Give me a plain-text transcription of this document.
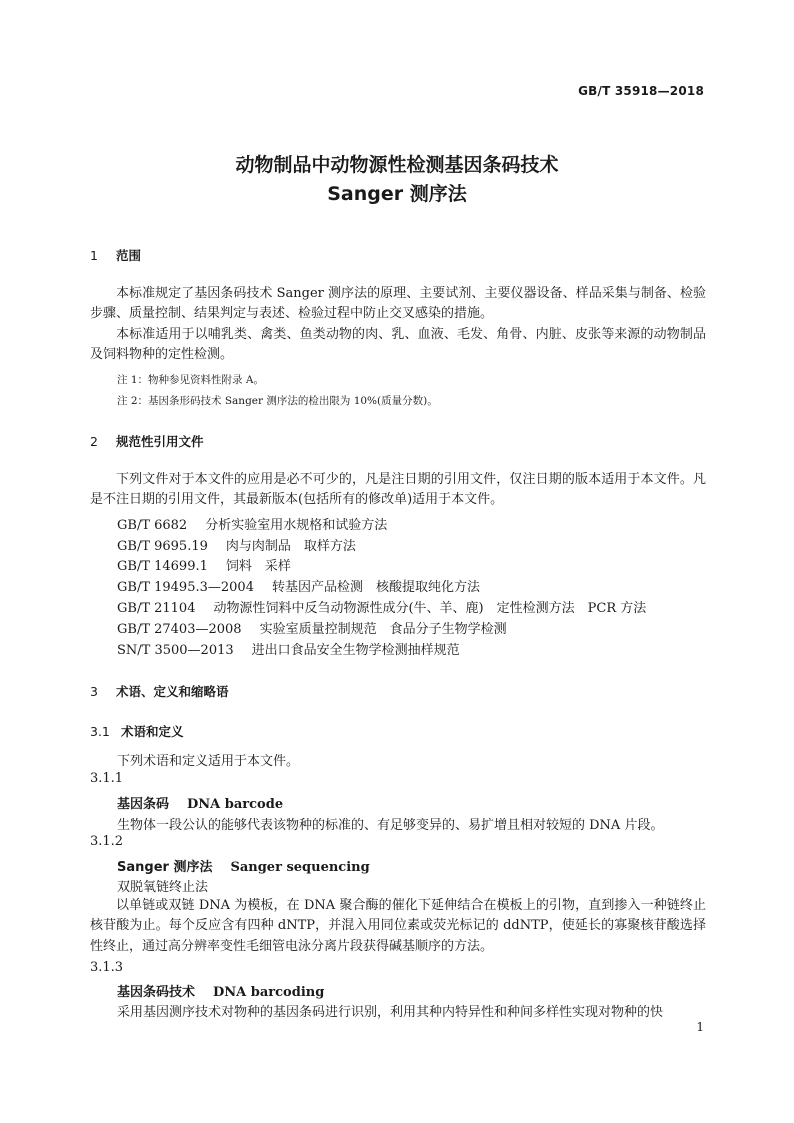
GB/T 35918—2018
动物制品中动物源性检测基因条码技术
Sanger 测序法
1 范围

本标准规定了基因条码技术 Sanger 测序法的原理、主要试剂、主要仪器设备、样品采集与制备、检验步骤、质量控制、结果判定与表述、检验过程中防止交叉感染的措施。

本标准适用于以哺乳类、禽类、鱼类动物的肉、乳、血液、毛发、角骨、内脏、皮张等来源的动物制品及饲料物种的定性检测。

注 1：物种参见资料性附录 A。
注 2：基因条形码技术 Sanger 测序法的检出限为 10%(质量分数)。
2 规范性引用文件

下列文件对于本文件的应用是必不可少的，凡是注日期的引用文件，仅注日期的版本适用于本文件。凡是不注日期的引用文件，其最新版本(包括所有的修改单)适用于本文件。

GB/T 6682 分析实验室用水规格和试验方法
GB/T 9695.19 肉与肉制品　取样方法
GB/T 14699.1 饲料　采样
GB/T 19495.3—2004 转基因产品检测　核酸提取纯化方法
GB/T 21104 动物源性饲料中反刍动物源性成分(牛、羊、鹿)　定性检测方法　PCR 方法
GB/T 27403—2008 实验室质量控制规范　食品分子生物学检测
SN/T 3500—2013 进出口食品安全生物学检测抽样规范
3 术语、定义和缩略语
3.1 术语和定义
下列术语和定义适用于本文件。
3.1.1
基因条码 DNA barcode
生物体一段公认的能够代表该物种的标准的、有足够变异的、易扩增且相对较短的 DNA 片段。
3.1.2
Sanger 测序法 Sanger sequencing
双脱氧链终止法

以单链或双链 DNA 为模板，在 DNA 聚合酶的催化下延伸结合在模板上的引物，直到掺入一种链终止核苷酸为止。每个反应含有四种 dNTP，并混入用同位素或荧光标记的 ddNTP，使延长的寡聚核苷酸选择性终止，通过高分辨率变性毛细管电泳分离片段获得碱基顺序的方法。

3.1.3
基因条码技术 DNA barcoding
采用基因测序技术对物种的基因条码进行识别，利用其种内特异性和种间多样性实现对物种的快
1
